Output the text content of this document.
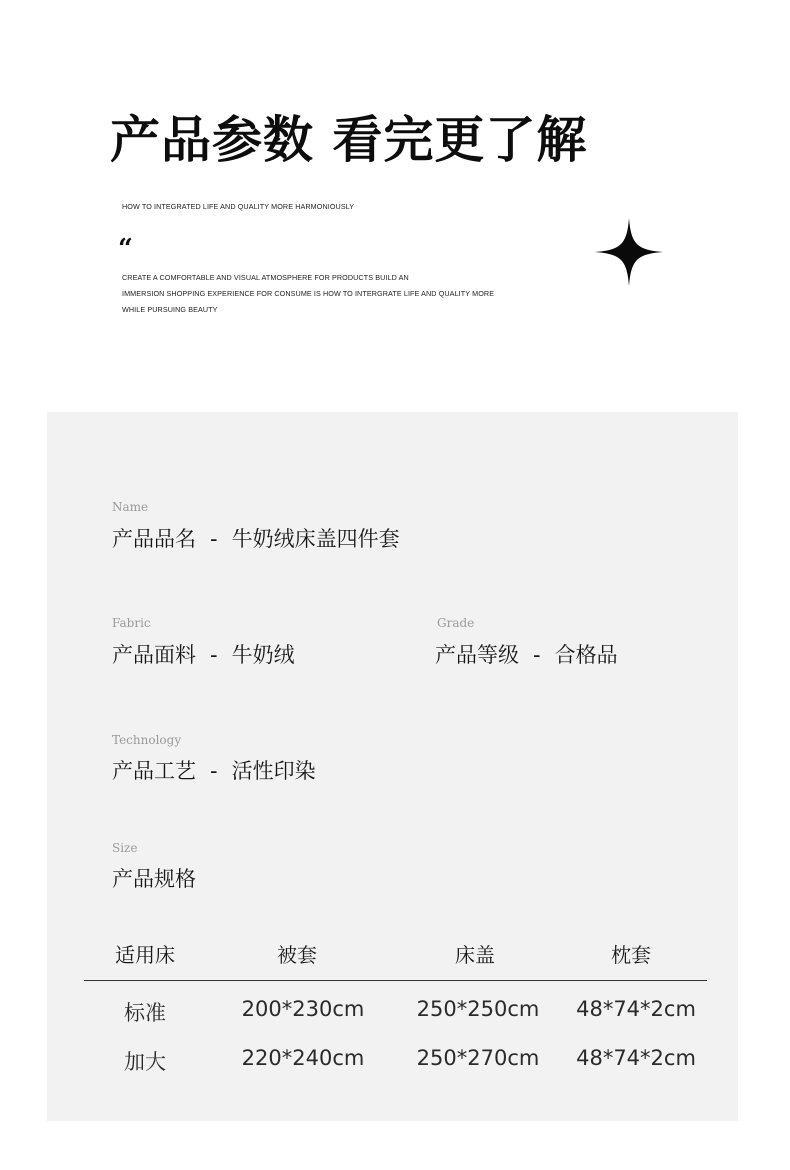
产品参数 看完更了解
HOW TO INTEGRATED LIFE AND QUALITY MORE HARMONIOUSLY
“
CREATE A COMFORTABLE AND VISUAL ATMOSPHERE FOR PRODUCTS BUILD AN
IMMERSION SHOPPING EXPERIENCE FOR CONSUME IS HOW TO INTERGRATE LIFE AND QUALITY MORE
WHILE PURSUING BEAUTY
Name
产品品名 - 牛奶绒床盖四件套
Fabric
产品面料 - 牛奶绒
Grade
产品等级 - 合格品
Technology
产品工艺 - 活性印染
Size
产品规格
适用床	被套	床盖	枕套
标准	200*230cm 250*250cm 48*74*2cm
加大	220*240cm 250*270cm 48*74*2cm
